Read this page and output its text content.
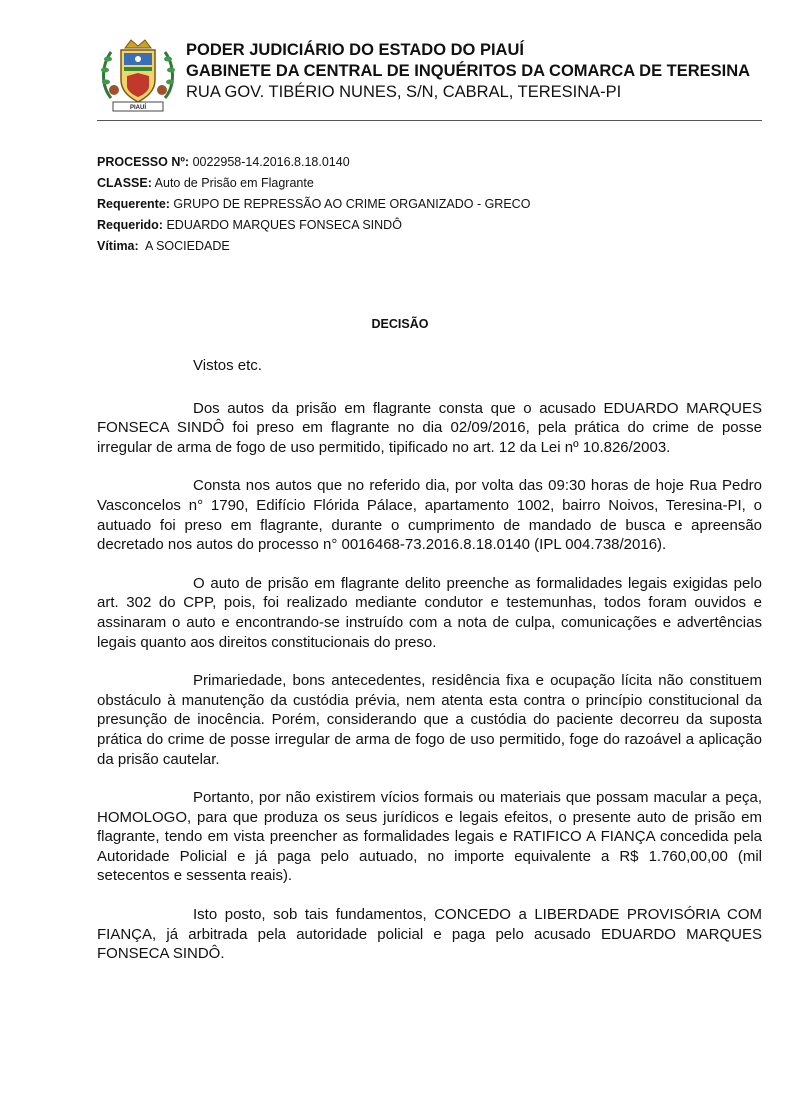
PIAUÍ
PODER JUDICIÁRIO DO ESTADO DO PIAUÍ
GABINETE DA CENTRAL DE INQUÉRITOS DA COMARCA DE TERESINA
RUA GOV. TIBÉRIO NUNES, S/N, CABRAL, TERESINA-PI
PROCESSO Nº: 0022958-14.2016.8.18.0140
CLASSE: Auto de Prisão em Flagrante
Requerente: GRUPO DE REPRESSÃO AO CRIME ORGANIZADO - GRECO
Requerido: EDUARDO MARQUES FONSECA SINDÔ
Vítima: A SOCIEDADE
DECISÃO

Vistos etc.

Dos autos da prisão em flagrante consta que o acusado EDUARDO MARQUES FONSECA SINDÔ foi preso em flagrante no dia 02/09/2016, pela prática do crime de posse irregular de arma de fogo de uso permitido, tipificado no art. 12 da Lei nº 10.826/2003.

Consta nos autos que no referido dia, por volta das 09:30 horas de hoje Rua Pedro Vasconcelos n° 1790, Edifício Flórida Pálace, apartamento 1002, bairro Noivos, Teresina-PI, o autuado foi preso em flagrante, durante o cumprimento de mandado de busca e apreensão decretado nos autos do processo n° 0016468-73.2016.8.18.0140 (IPL 004.738/2016).

O auto de prisão em flagrante delito preenche as formalidades legais exigidas pelo art. 302 do CPP, pois, foi realizado mediante condutor e testemunhas, todos foram ouvidos e assinaram o auto e encontrando-se instruído com a nota de culpa, comunicações e advertências legais quanto aos direitos constitucionais do preso.

Primariedade, bons antecedentes, residência fixa e ocupação lícita não constituem obstáculo à manutenção da custódia prévia, nem atenta esta contra o princípio constitucional da presunção de inocência. Porém, considerando que a custódia do paciente decorreu da suposta prática do crime de posse irregular de arma de fogo de uso permitido, foge do razoável a aplicação da prisão cautelar.

Portanto, por não existirem vícios formais ou materiais que possam macular a peça, HOMOLOGO, para que produza os seus jurídicos e legais efeitos, o presente auto de prisão em flagrante, tendo em vista preencher as formalidades legais e RATIFICO A FIANÇA concedida pela Autoridade Policial e já paga pelo autuado, no importe equivalente a R$ 1.760,00,00 (mil setecentos e sessenta reais).

Isto posto, sob tais fundamentos, CONCEDO a LIBERDADE PROVISÓRIA COM FIANÇA, já arbitrada pela autoridade policial e paga pelo acusado EDUARDO MARQUES FONSECA SINDÔ.
